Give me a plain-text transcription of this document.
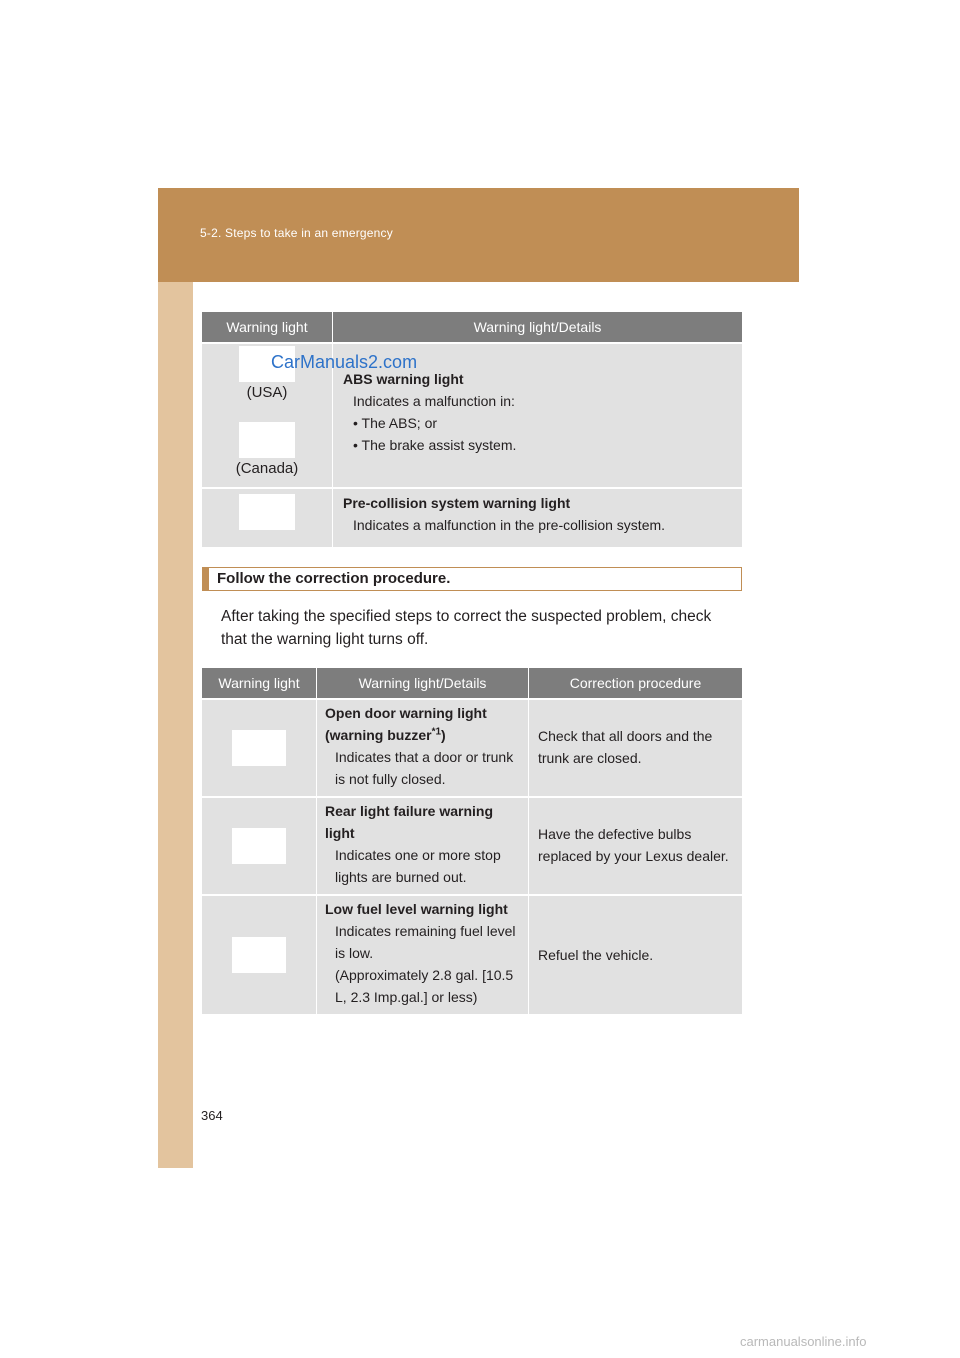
5-2. Steps to take in an emergency
Warning light	Warning light/Details

(USA)
(Canada)	ABS warning light
Indicates a malfunction in:
• The ABS; or
• The brake assist system.

	Pre-collision system warning light
Indicates a malfunction in the pre-collision system.
CarManuals2.com
Follow the correction procedure.
After taking the specified steps to correct the suspected problem, check that the warning light turns off.
Warning light	Warning light/Details	Correction procedure

	Open door warning light (warning buzzer$^{*1}$)
Indicates that a door or trunk is not fully closed.	Check that all doors and the trunk are closed.

	Rear light failure warning light
Indicates one or more stop lights are burned out.	Have the defective bulbs replaced by your Lexus dealer.

	Low fuel level warning light
Indicates remaining fuel level is low.
(Approximately 2.8 gal. [10.5 L, 2.3 Imp.gal.] or less)	Refuel the vehicle.
364
carmanualsonline.info
